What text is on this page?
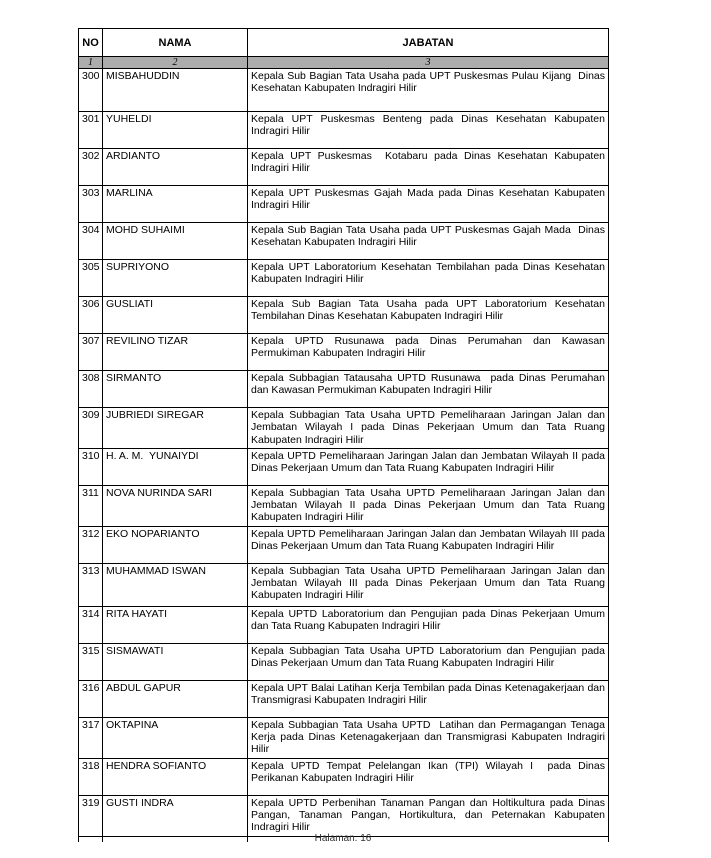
NO	NAMA	JABATAN
1	2	3
300	MISBAHUDDIN	Kepala Sub Bagian Tata Usaha pada UPT Puskesmas Pulau Kijang  Dinas Kesehatan Kabupaten Indragiri Hilir
301	YUHELDI	Kepala UPT Puskesmas Benteng pada Dinas Kesehatan Kabupaten Indragiri Hilir
302	ARDIANTO	Kepala UPT Puskesmas  Kotabaru pada Dinas Kesehatan Kabupaten Indragiri Hilir
303	MARLINA	Kepala UPT Puskesmas Gajah Mada pada Dinas Kesehatan Kabupaten Indragiri Hilir
304	MOHD SUHAIMI	Kepala Sub Bagian Tata Usaha pada UPT Puskesmas Gajah Mada  Dinas Kesehatan Kabupaten Indragiri Hilir
305	SUPRIYONO	Kepala UPT Laboratorium Kesehatan Tembilahan pada Dinas Kesehatan Kabupaten Indragiri Hilir
306	GUSLIATI	Kepala Sub Bagian Tata Usaha pada UPT Laboratorium Kesehatan Tembilahan Dinas Kesehatan Kabupaten Indragiri Hilir
307	REVILINO TIZAR	Kepala UPTD Rusunawa pada Dinas Perumahan dan Kawasan Permukiman Kabupaten Indragiri Hilir
308	SIRMANTO	Kepala Subbagian Tatausaha UPTD Rusunawa  pada Dinas Perumahan dan Kawasan Permukiman Kabupaten Indragiri Hilir
309	JUBRIEDI SIREGAR	Kepala Subbagian Tata Usaha UPTD Pemeliharaan Jaringan Jalan dan Jembatan Wilayah I pada Dinas Pekerjaan Umum dan Tata Ruang Kabupaten Indragiri Hilir
310	H. A. M.  YUNAIYDI	Kepala UPTD Pemeliharaan Jaringan Jalan dan Jembatan Wilayah II pada Dinas Pekerjaan Umum dan Tata Ruang Kabupaten Indragiri Hilir
311	NOVA NURINDA SARI	Kepala Subbagian Tata Usaha UPTD Pemeliharaan Jaringan Jalan dan Jembatan Wilayah II pada Dinas Pekerjaan Umum dan Tata Ruang Kabupaten Indragiri Hilir
312	EKO NOPARIANTO	Kepala UPTD Pemeliharaan Jaringan Jalan dan Jembatan Wilayah III pada Dinas Pekerjaan Umum dan Tata Ruang Kabupaten Indragiri Hilir
313	MUHAMMAD ISWAN	Kepala Subbagian Tata Usaha UPTD Pemeliharaan Jaringan Jalan dan Jembatan Wilayah III pada Dinas Pekerjaan Umum dan Tata Ruang Kabupaten Indragiri Hilir
314	RITA HAYATI	Kepala UPTD Laboratorium dan Pengujian pada Dinas Pekerjaan Umum dan Tata Ruang Kabupaten Indragiri Hilir
315	SISMAWATI	Kepala Subbagian Tata Usaha UPTD Laboratorium dan Pengujian pada Dinas Pekerjaan Umum dan Tata Ruang Kabupaten Indragiri Hilir
316	ABDUL GAPUR	Kepala UPT Balai Latihan Kerja Tembilan pada Dinas Ketenagakerjaan dan Transmigrasi Kabupaten Indragiri Hilir
317	OKTAPINA	Kepala Subbagian Tata Usaha UPTD  Latihan dan Permagangan Tenaga Kerja pada Dinas Ketenagakerjaan dan Transmigrasi Kabupaten Indragiri Hilir
318	HENDRA SOFIANTO	Kepala UPTD Tempat Pelelangan Ikan (TPI) Wilayah I  pada Dinas Perikanan Kabupaten Indragiri Hilir
319	GUSTI INDRA	Kepala UPTD Perbenihan Tanaman Pangan dan Holtikultura pada Dinas Pangan, Tanaman Pangan, Hortikultura, dan Peternakan Kabupaten Indragiri Hilir

Halaman. 16
